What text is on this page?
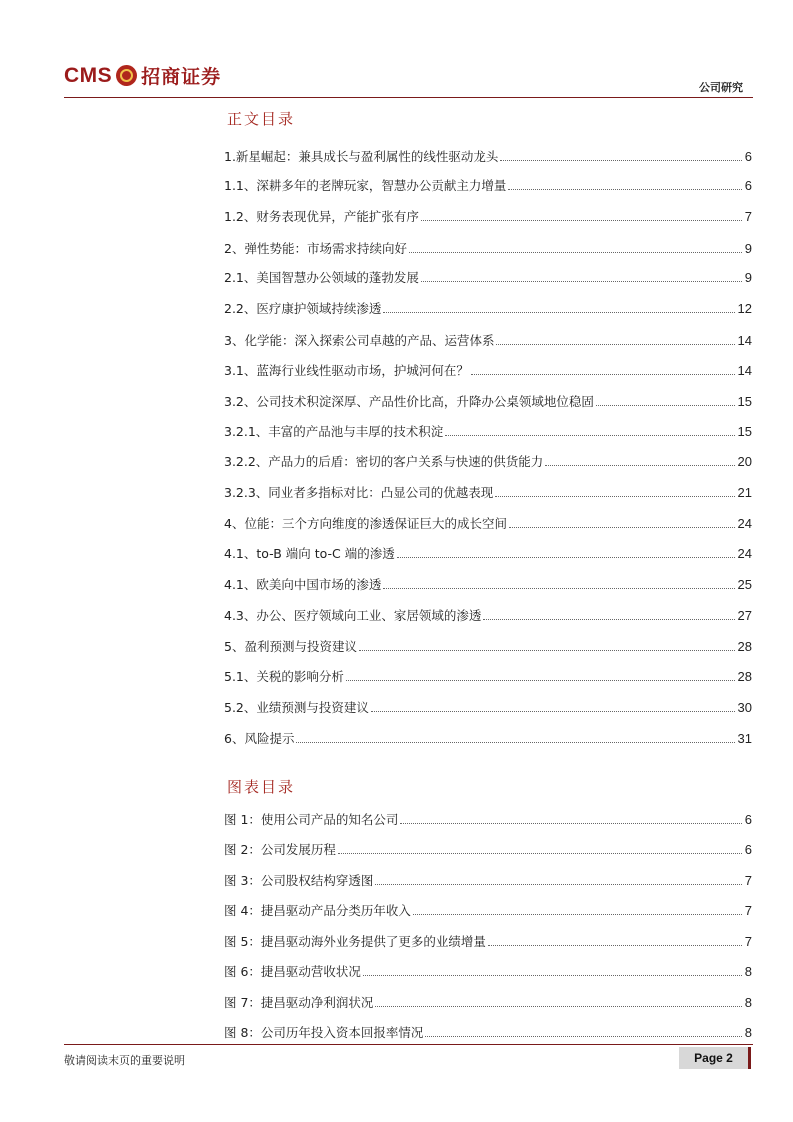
CMS 招商证券	公司研究
正文目录
1.新星崛起：兼具成长与盈利属性的线性驱动龙头	6
1.1、深耕多年的老牌玩家，智慧办公贡献主力增量	6
1.2、财务表现优异，产能扩张有序	7
2、弹性势能：市场需求持续向好	9
2.1、美国智慧办公领域的蓬勃发展	9
2.2、医疗康护领域持续渗透	12
3、化学能：深入探索公司卓越的产品、运营体系	14
3.1、蓝海行业线性驱动市场，护城河何在？	14
3.2、公司技术积淀深厚、产品性价比高，升降办公桌领域地位稳固	15
3.2.1、丰富的产品池与丰厚的技术积淀	15
3.2.2、产品力的后盾：密切的客户关系与快速的供货能力	20
3.2.3、同业者多指标对比：凸显公司的优越表现	21
4、位能：三个方向维度的渗透保证巨大的成长空间	24
4.1、to-B 端向 to-C 端的渗透	24
4.1、欧美向中国市场的渗透	25
4.3、办公、医疗领域向工业、家居领域的渗透	27
5、盈利预测与投资建议	28
5.1、关税的影响分析	28
5.2、业绩预测与投资建议	30
6、风险提示	31
图表目录
图 1：使用公司产品的知名公司	6
图 2：公司发展历程	6
图 3：公司股权结构穿透图	7
图 4：捷昌驱动产品分类历年收入	7
图 5：捷昌驱动海外业务提供了更多的业绩增量	7
图 6：捷昌驱动营收状况	8
图 7：捷昌驱动净利润状况	8
图 8：公司历年投入资本回报率情况	8
敬请阅读末页的重要说明	Page 2
